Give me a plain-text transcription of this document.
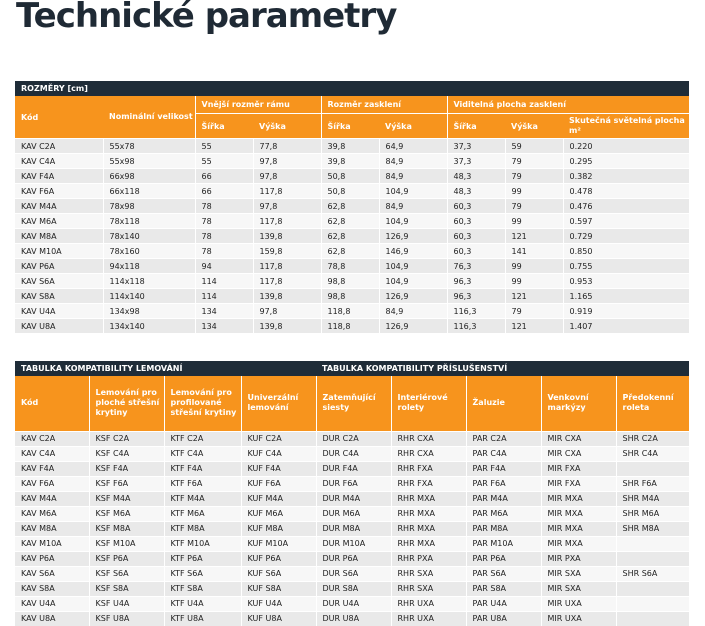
Technické parametry
ROZMĚRY [cm]								
Kód	Nominální velikost	Vnější rozměr rámu		Rozměr zasklení		Viditelná plocha zasklení		
		Šířka	Výška	Šířka	Výška	Šířka	Výška	Skutečná světelná plocha m²
KAV C2A	55x78	55	77,8	39,8	64,9	37,3	59	0.220
KAV C4A	55x98	55	97,8	39,8	84,9	37,3	79	0.295
KAV F4A	66x98	66	97,8	50,8	84,9	48,3	79	0.382
KAV F6A	66x118	66	117,8	50,8	104,9	48,3	99	0.478
KAV M4A	78x98	78	97,8	62,8	84,9	60,3	79	0.476
KAV M6A	78x118	78	117,8	62,8	104,9	60,3	99	0.597
KAV M8A	78x140	78	139,8	62,8	126,9	60,3	121	0.729
KAV M10A	78x160	78	159,8	62,8	146,9	60,3	141	0.850
KAV P6A	94x118	94	117,8	78,8	104,9	76,3	99	0.755
KAV S6A	114x118	114	117,8	98,8	104,9	96,3	99	0.953
KAV S8A	114x140	114	139,8	98,8	126,9	96,3	121	1.165
KAV U4A	134x98	134	97,8	118,8	84,9	116,3	79	0.919
KAV U8A	134x140	134	139,8	118,8	126,9	116,3	121	1.407
TABULKA KOMPATIBILITY LEMOVÁNÍ				TABULKA KOMPATIBILITY PŘÍSLUŠENSTVÍ				
Kód	Lemování pro ploché střešní krytiny	Lemování pro profilované střešní krytiny	Univerzální lemování	Zatemňující siesty	Interiérové rolety	Žaluzie	Venkovní markýzy	Předokenní roleta
KAV C2A	KSF C2A	KTF C2A	KUF C2A	DUR C2A	RHR CXA	PAR C2A	MIR CXA	SHR C2A
KAV C4A	KSF C4A	KTF C4A	KUF C4A	DUR C4A	RHR CXA	PAR C4A	MIR CXA	SHR C4A
KAV F4A	KSF F4A	KTF F4A	KUF F4A	DUR F4A	RHR FXA	PAR F4A	MIR FXA	
KAV F6A	KSF F6A	KTF F6A	KUF F6A	DUR F6A	RHR FXA	PAR F6A	MIR FXA	SHR F6A
KAV M4A	KSF M4A	KTF M4A	KUF M4A	DUR M4A	RHR MXA	PAR M4A	MIR MXA	SHR M4A
KAV M6A	KSF M6A	KTF M6A	KUF M6A	DUR M6A	RHR MXA	PAR M6A	MIR MXA	SHR M6A
KAV M8A	KSF M8A	KTF M8A	KUF M8A	DUR M8A	RHR MXA	PAR M8A	MIR MXA	SHR M8A
KAV M10A	KSF M10A	KTF M10A	KUF M10A	DUR M10A	RHR MXA	PAR M10A	MIR MXA	
KAV P6A	KSF P6A	KTF P6A	KUF P6A	DUR P6A	RHR PXA	PAR P6A	MIR PXA	
KAV S6A	KSF S6A	KTF S6A	KUF S6A	DUR S6A	RHR SXA	PAR S6A	MIR SXA	SHR S6A
KAV S8A	KSF S8A	KTF S8A	KUF S8A	DUR S8A	RHR SXA	PAR S8A	MIR SXA	
KAV U4A	KSF U4A	KTF U4A	KUF U4A	DUR U4A	RHR UXA	PAR U4A	MIR UXA	
KAV U8A	KSF U8A	KTF U8A	KUF U8A	DUR U8A	RHR UXA	PAR U8A	MIR UXA	
